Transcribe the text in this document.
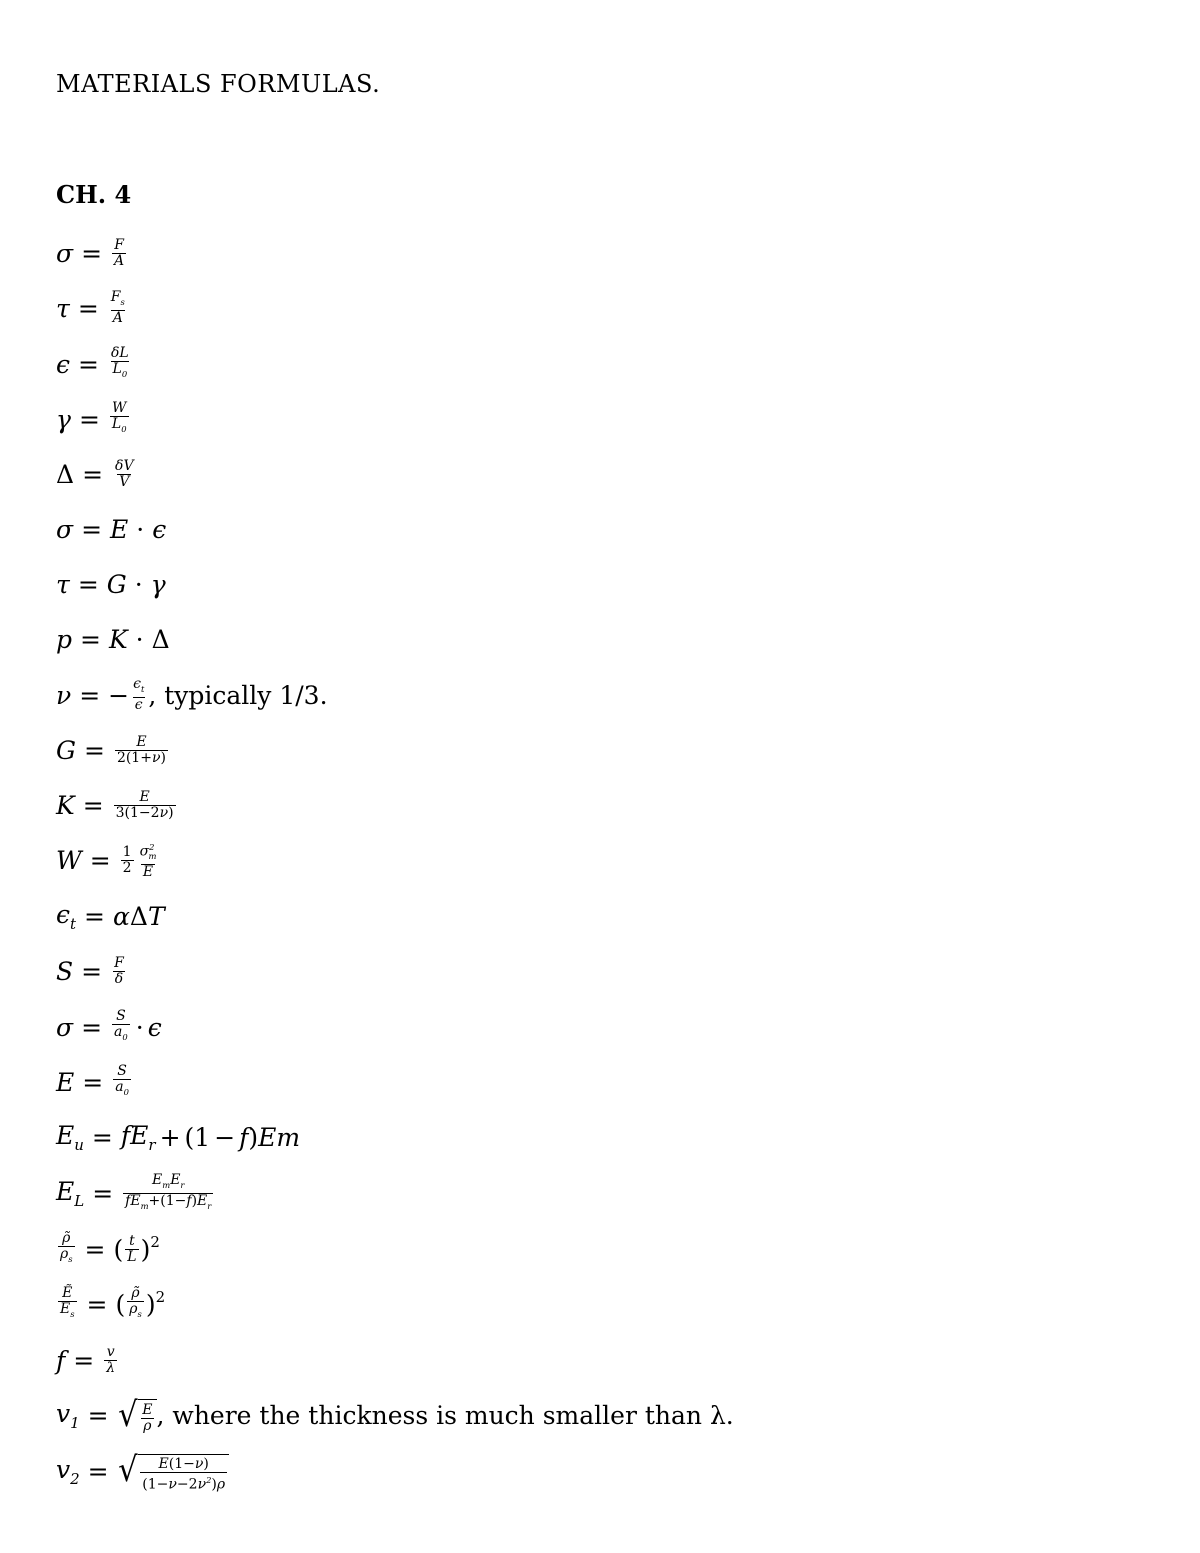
MATERIALS FORMULAS.
CH. 4
$\sigma = \frac{F}{A}$
$\tau = \frac{F_s}{A}$
$\epsilon = \frac{\delta L}{L_0}$
$\gamma = \frac{W}{L_0}$
$\Delta = \frac{\delta V}{V}$
σ = E · ϵ
τ = G · γ
p = K · Δ
ν = − $\frac{\epsilon_t}{\epsilon}$ , typically 1/3.
$G = \frac{E}{2(1+\nu)}$
$K = \frac{E}{3(1-2\nu)}$
$W = \frac{1}{2} \frac{\sigma^2_m}{E}$
$\epsilon_t = \alpha$ Δ T
$S = \frac{F}{\delta}$
$\sigma = \frac{S}{a_0} \cdot \epsilon$
$E = \frac{S}{a_0}$
$E_u = fE_r + (1 - f$ ) Em
$E_L = \frac{E_mE_r}{fE_m+(1-f)E_r}$
$\frac{\rhõ}{\rho_s}$ = ( $\frac{t}{L} )^2$
$\frac{\text{Ẽ}}{E_s}$ = ( $\frac{\rhõ}{\rho_s} )^2$
$f = \frac{v}{\lambda}$
$v_1$ = √ $\frac{E}{\rho}$ , where the thickness is much smaller than λ.
$v_2$ = √ $\frac{E(1-\nu)}{(1-\nu-2\nu^2)\rho}$
